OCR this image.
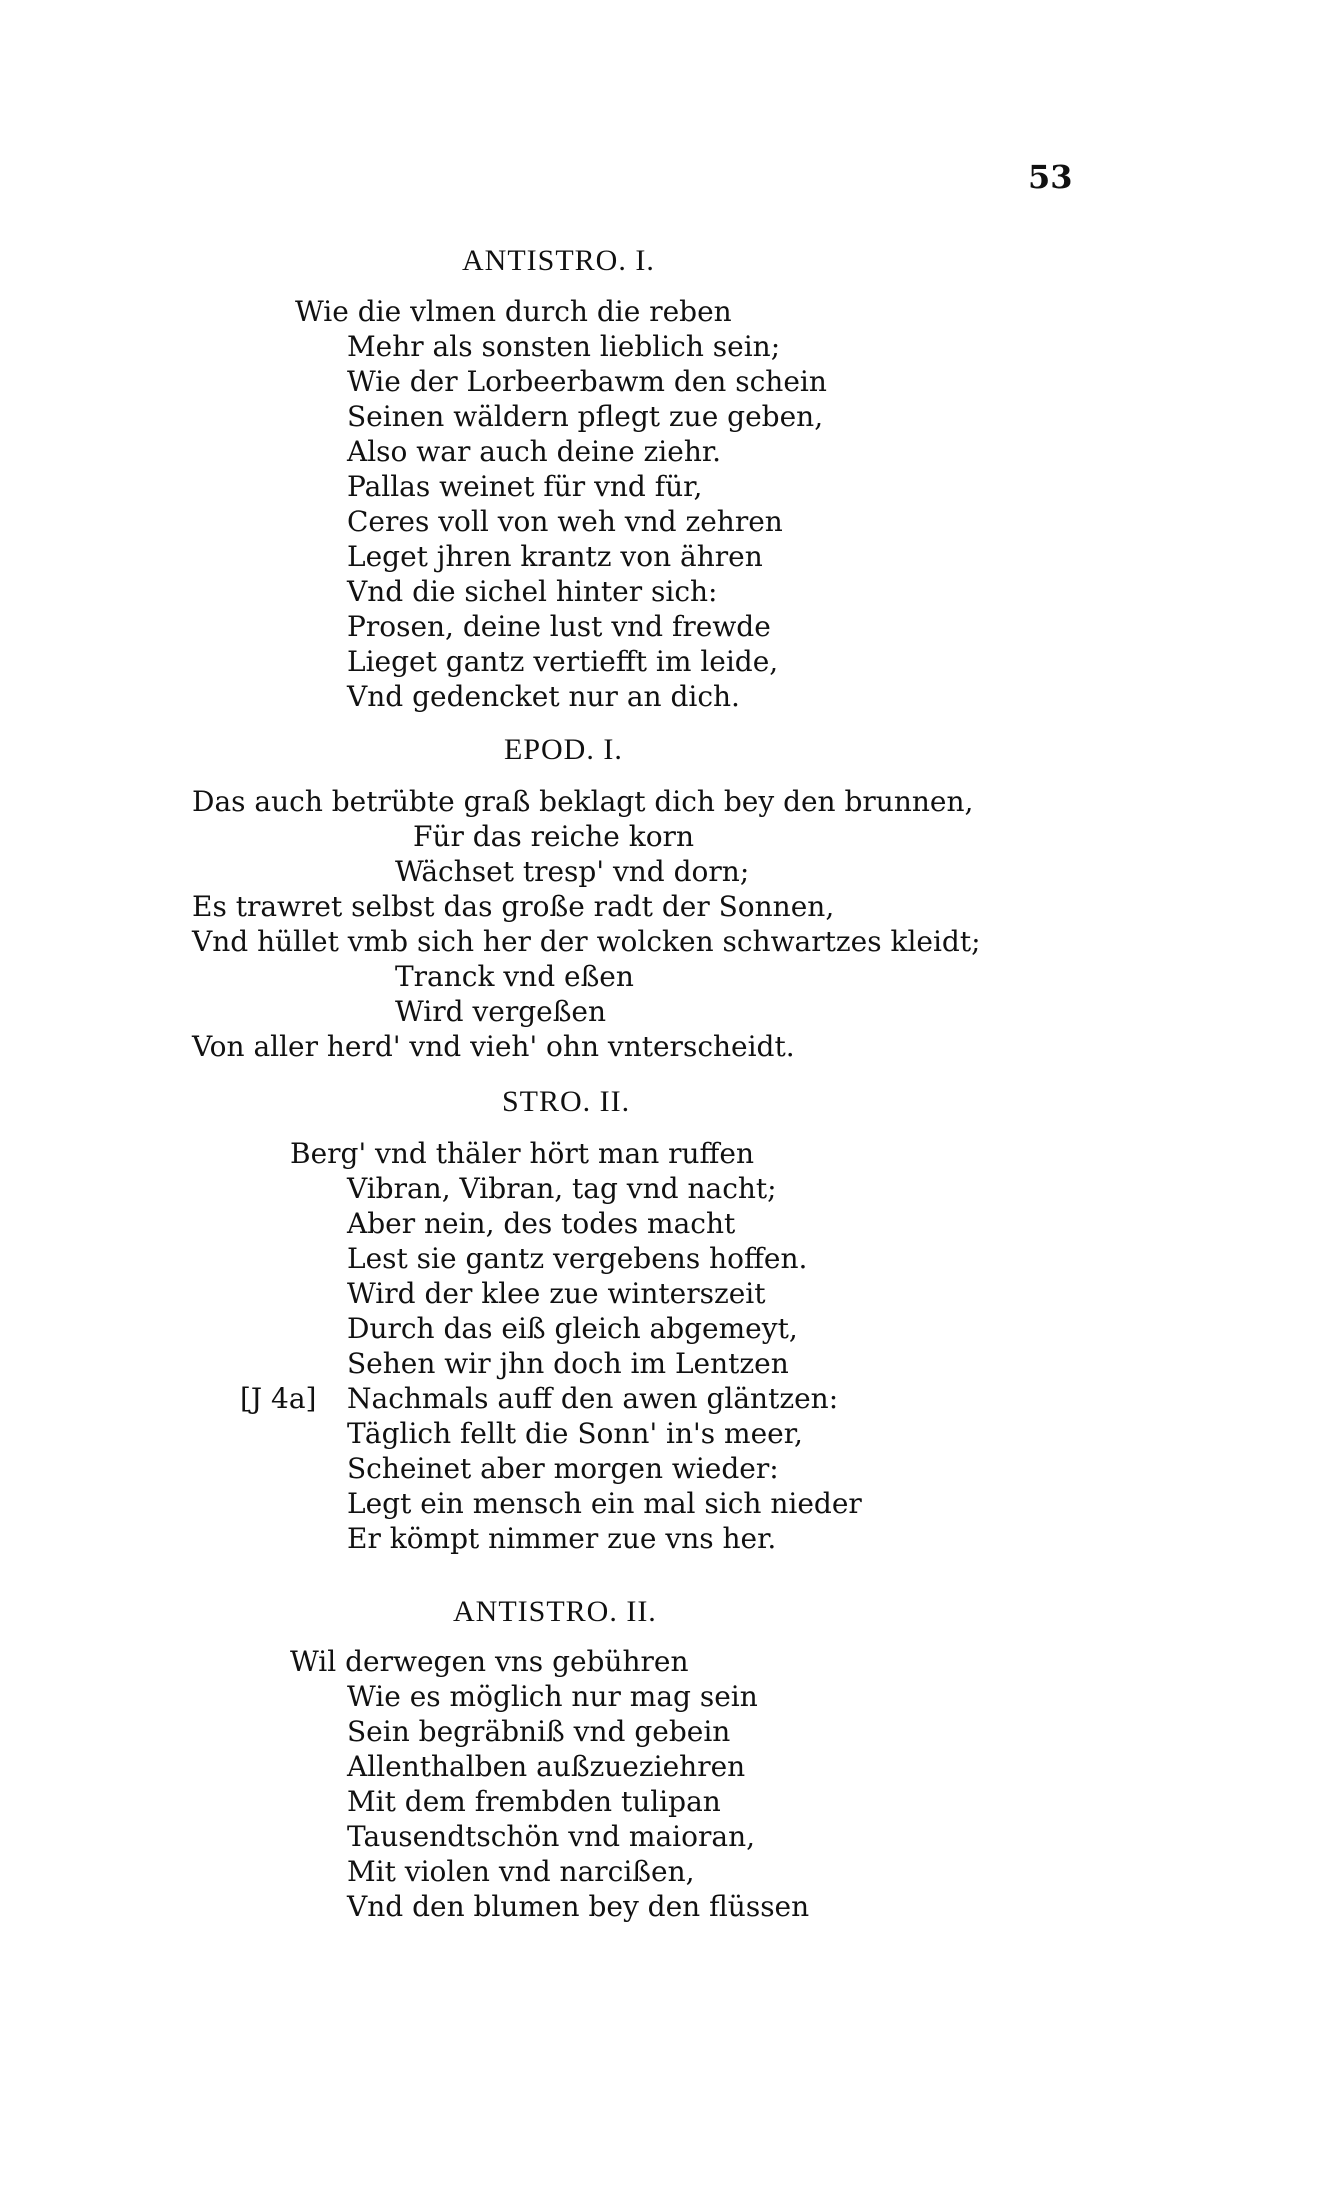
53
ANTISTRO. I.
Wie die vlmen durch die reben
Mehr als sonsten lieblich sein;
Wie der Lorbeerbawm den schein
Seinen wäldern pflegt zue geben,
Also war auch deine ziehr.
Pallas weinet für vnd für,
Ceres voll von weh vnd zehren
Leget jhren krantz von ähren
Vnd die sichel hinter sich:
Prosen, deine lust vnd frewde
Lieget gantz vertiefft im leide,
Vnd gedencket nur an dich.
EPOD. I.
Das auch betrübte graß beklagt dich bey den brunnen,
Für das reiche korn
Wächset tresp' vnd dorn;
Es trawret selbst das große radt der Sonnen,
Vnd hüllet vmb sich her der wolcken schwartzes kleidt;
Tranck vnd eßen
Wird vergeßen
Von aller herd' vnd vieh' ohn vnterscheidt.
STRO. II.
Berg' vnd thäler hört man ruffen
Vibran, Vibran, tag vnd nacht;
Aber nein, des todes macht
Lest sie gantz vergebens hoffen.
Wird der klee zue winterszeit
Durch das eiß gleich abgemeyt,
Sehen wir jhn doch im Lentzen
[J 4a] Nachmals auff den awen gläntzen:
Täglich fellt die Sonn' in's meer,
Scheinet aber morgen wieder:
Legt ein mensch ein mal sich nieder
Er kömpt nimmer zue vns her.
ANTISTRO. II.
Wil derwegen vns gebühren
Wie es möglich nur mag sein
Sein begräbniß vnd gebein
Allenthalben außzueziehren
Mit dem frembden tulipan
Tausendtschön vnd maioran,
Mit violen vnd narcißen,
Vnd den blumen bey den flüssen
